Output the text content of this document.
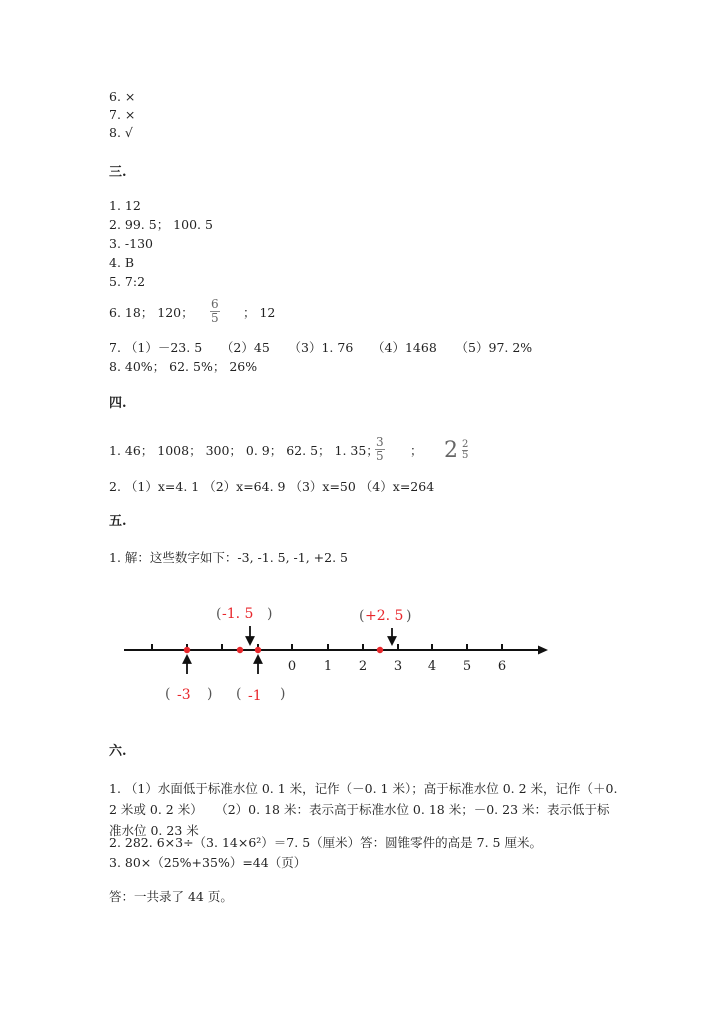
6. ×
7. ×
8. √
三.
1. 12
2. 99. 5； 100. 5
3. -130
4. B
5. 7:2
6. 18； 120； $\frac{6}{5}$ ； 12
7. （1）－23. 5　　（2）45　　（3）1. 76　　（4）1468　　（5）97. 2%
8. 40%； 62. 5%； 26%
四.
1. 46； 1008； 300； 0. 9； 62. 5； 1. 35；
$\frac{3}{5}$ ； $2 \frac{2}{5}$
2. （1）x=4. 1 （2）x=64. 9 （3）x=50 （4）x=264
五.
1. 解：这些数字如下：-3, -1. 5, -1, +2. 5
0 1 2 3 4 5 6
( -1. 5 )	( +2. 5 )
( -3 ) ( -1 )
六.
1. （1）水面低于标准水位 0. 1 米，记作（－0. 1 米）；高于标准水位 0. 2 米，记作（＋0. 2 米或 0. 2 米）　　（2）0. 18 米：表示高于标准水位 0. 18 米；－0. 23 米：表示低于标准水位 0. 23 米
2. 282. 6×3÷（3. 14×6²）＝7. 5（厘米）答：圆锥零件的高是 7. 5 厘米。
3. 80×（25%+35%）=44（页）
答：一共录了 44 页。
